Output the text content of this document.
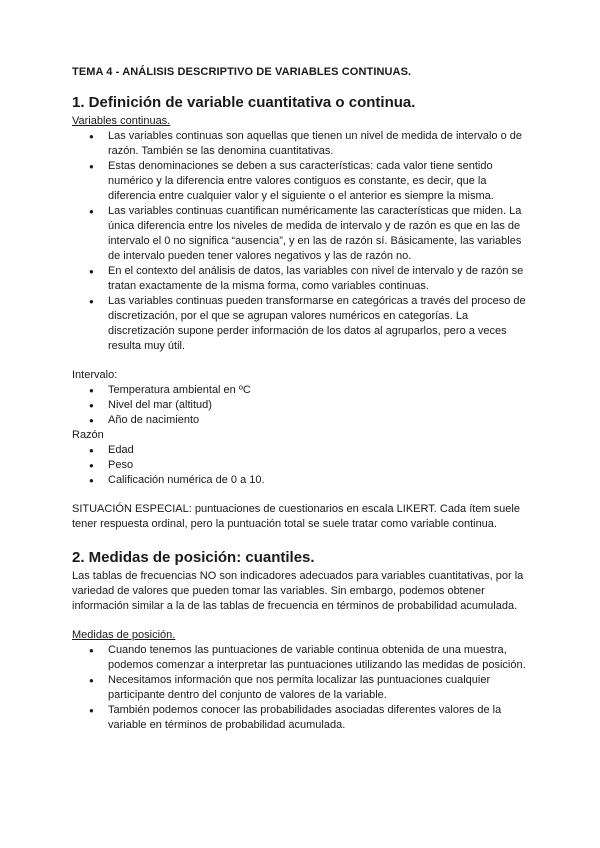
TEMA 4 - ANÁLISIS DESCRIPTIVO DE VARIABLES CONTINUAS.

1. Definición de variable cuantitativa o continua.

Variables continuas.

● Las variables continuas son aquellas que tienen un nivel de medida de intervalo o de razón. También se las denomina cuantitativas.
● Estas denominaciones se deben a sus características: cada valor tiene sentido numérico y la diferencia entre valores contiguos es constante, es decir, que la diferencia entre cualquier valor y el siguiente o el anterior es siempre la misma.
● Las variables continuas cuantifican numéricamente las características que miden. La única diferencia entre los niveles de medida de intervalo y de razón es que en las de intervalo el 0 no significa “ausencia”, y en las de razón sí. Básicamente, las variables de intervalo pueden tener valores negativos y las de razón no.
● En el contexto del análisis de datos, las variables con nivel de intervalo y de razón se tratan exactamente de la misma forma, como variables continuas.
● Las variables continuas pueden transformarse en categóricas a través del proceso de discretización, por el que se agrupan valores numéricos en categorías. La discretización supone perder información de los datos al agruparlos, pero a veces resulta muy útil.

Intervalo:

● Temperatura ambiental en ºC
● Nivel del mar (altitud)
● Año de nacimiento

Razón

● Edad
● Peso
● Calificación numérica de 0 a 10.

SITUACIÓN ESPECIAL: puntuaciones de cuestionarios en escala LIKERT. Cada ítem suele tener respuesta ordinal, pero la puntuación total se suele tratar como variable continua.

2. Medidas de posición: cuantiles.

Las tablas de frecuencias NO son indicadores adecuados para variables cuantitativas, por la variedad de valores que pueden tomar las variables. Sin embargo, podemos obtener información similar a la de las tablas de frecuencia en términos de probabilidad acumulada.

Medidas de posición.

● Cuando tenemos las puntuaciones de variable continua obtenida de una muestra, podemos comenzar a interpretar las puntuaciones utilizando las medidas de posición.
● Necesitamos información que nos permita localizar las puntuaciones cualquier participante dentro del conjunto de valores de la variable.
● También podemos conocer las probabilidades asociadas diferentes valores de la variable en términos de probabilidad acumulada.
